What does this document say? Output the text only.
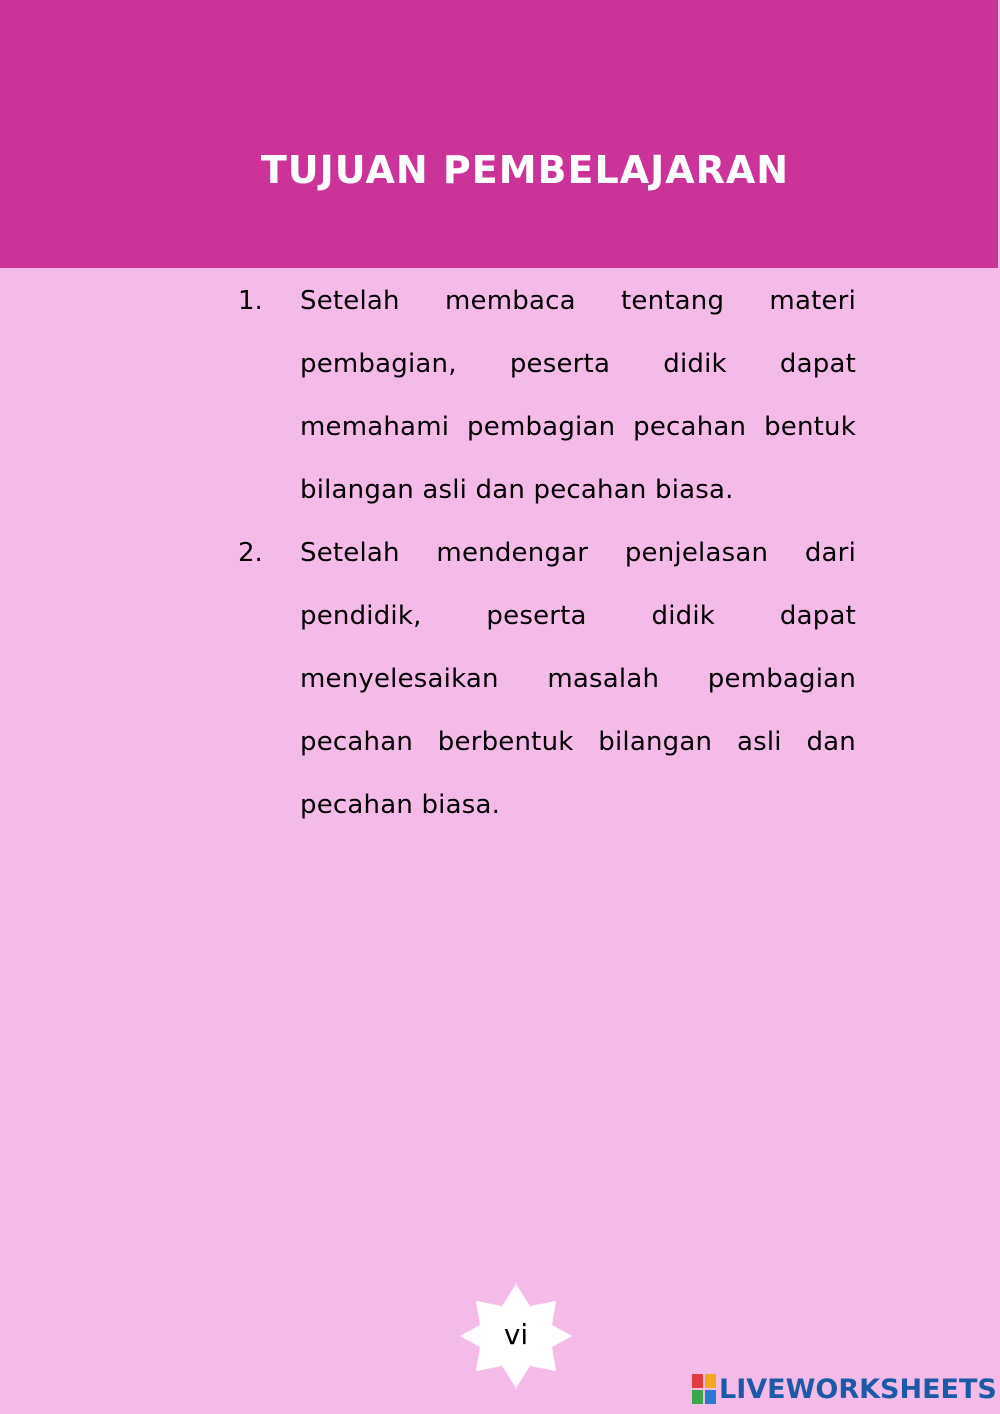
TUJUAN PEMBELAJARAN
1. Setelah membaca tentang materi pembagian, peserta didik dapat memahami pembagian pecahan bentuk bilangan asli dan pecahan biasa.
2. Setelah mendengar penjelasan dari pendidik, peserta didik dapat menyelesaikan masalah pembagian pecahan berbentuk bilangan asli dan pecahan biasa.
vi
LIVEWORKSHEETS
